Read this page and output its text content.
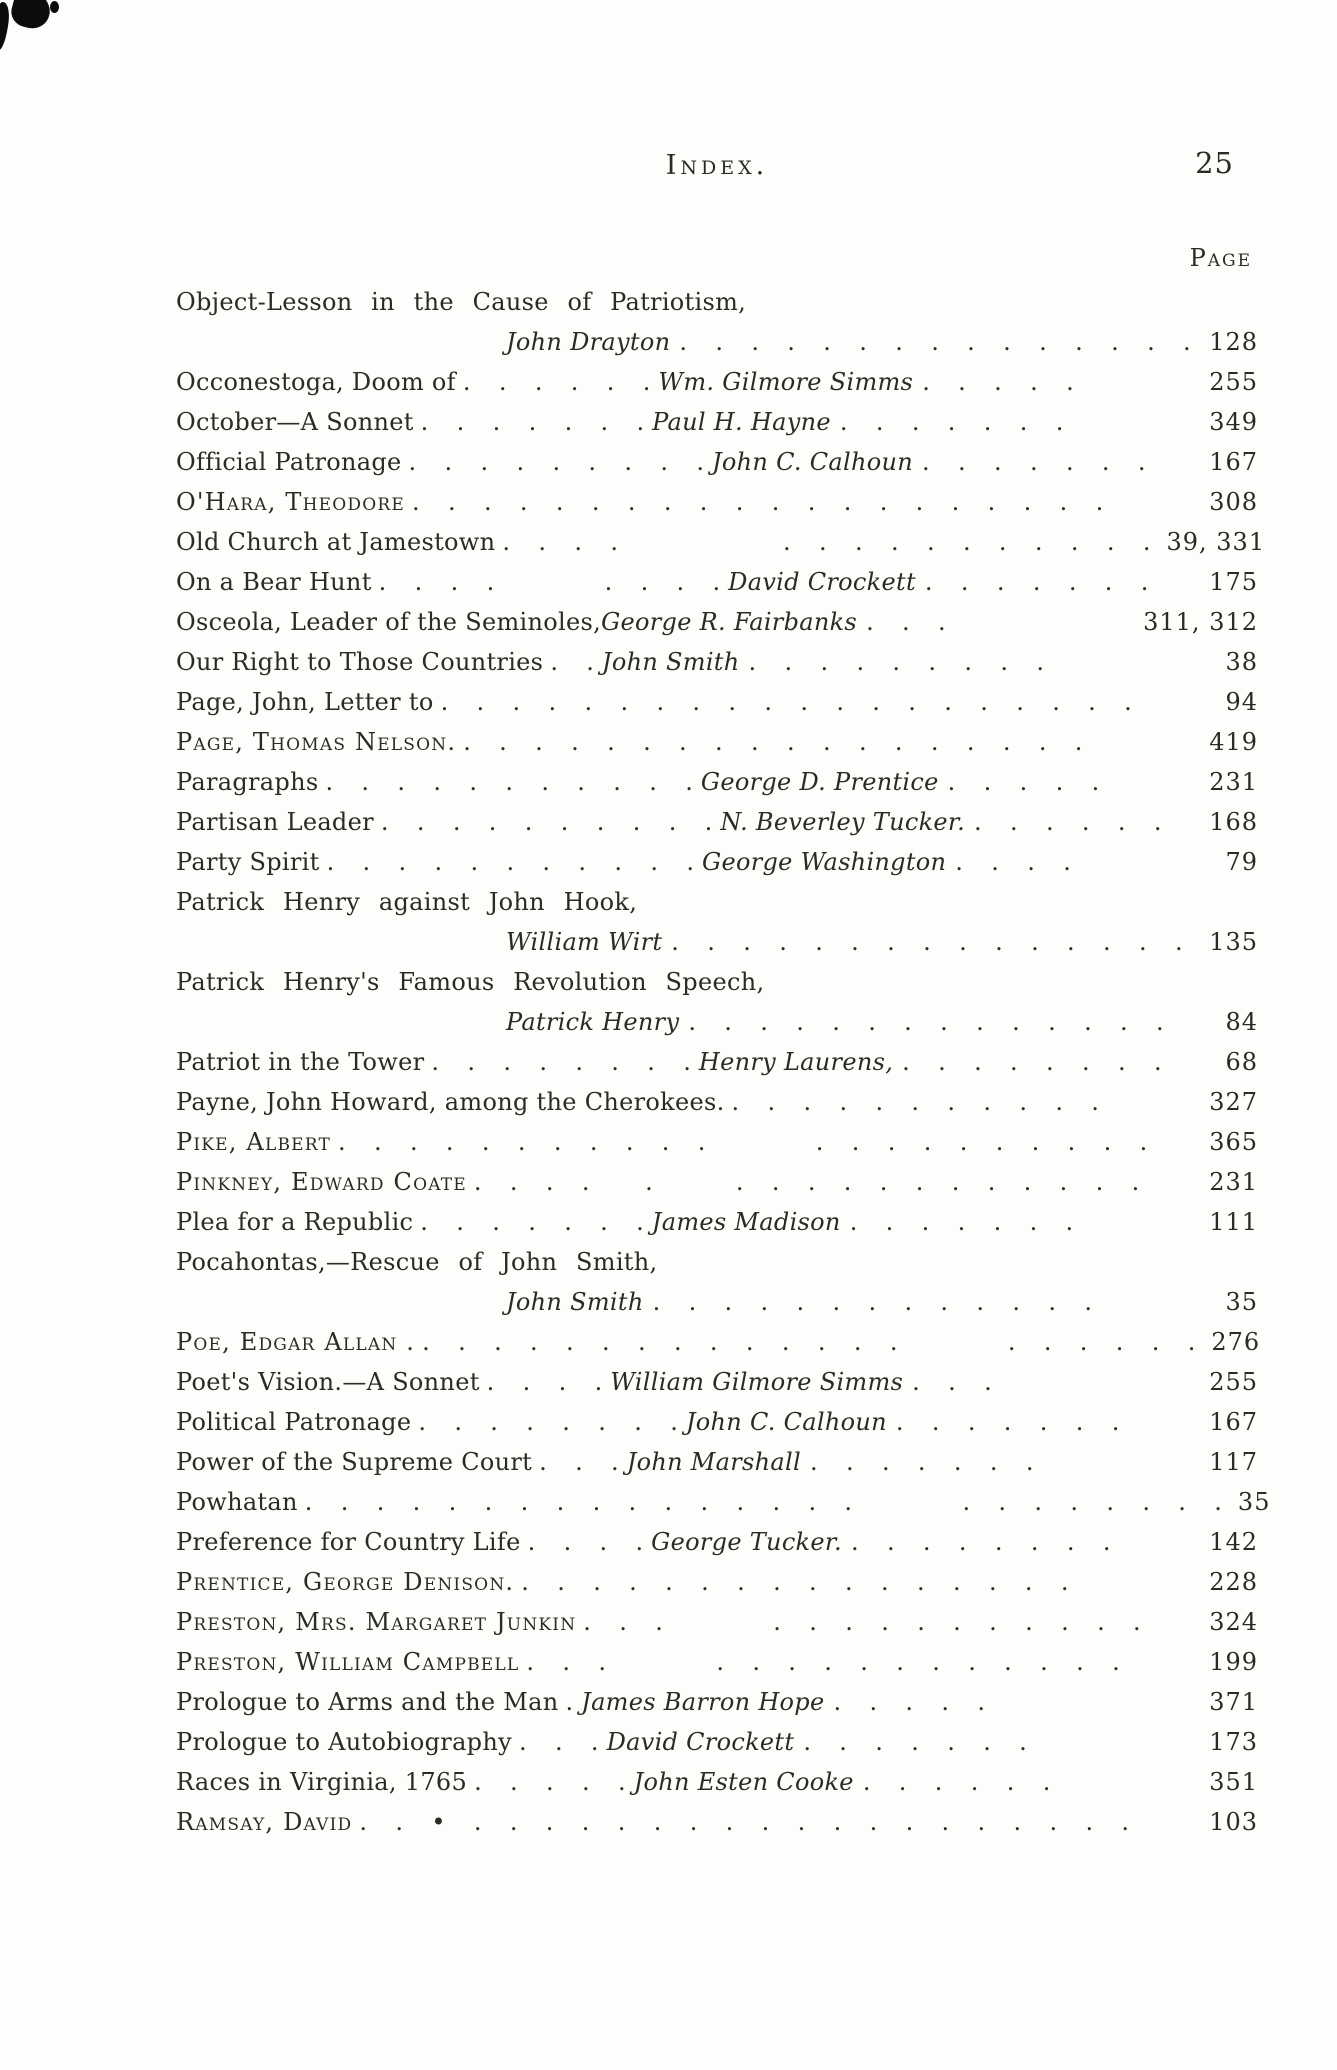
Index.	25
Page
Object-Lesson in the Cause of Patriotism,
John Drayton . . . . . . . . . . . . . . . 128
Occonestoga, Doom of . . . . . . Wm. Gilmore Simms . . . . .	255
October—A Sonnet . . . . . . . Paul H. Hayne . . . . . . .	349
Official Patronage . . . . . . . . . John C. Calhoun . . . . . . .	167
O'Hara, Theodore . . . . . . . . . . . . . . . . . . . .	308
Old Church at Jamestown . . . .      . . . . . . . . . . . 39, 331
On a Bear Hunt . . . .    . . . . David Crockett . . . . . . .	175
Osceola, Leader of the Seminoles, George R. Fairbanks . . .	311, 312
Our Right to Those Countries . . John Smith . . . . . . . . .	38
Page, John, Letter to . . . . . . . . . . . . . . . . . . . .	94
Page, Thomas Nelson. . . . . . . . . . . . . . . . . . .	419
Paragraphs . . . . . . . . . . . George D. Prentice . . . . .	231
Partisan Leader . . . . . . . . . . N. Beverley Tucker. . . . . . .	168
Party Spirit . . . . . . . . . . . George Washington . . . .	79
Patrick Henry against John Hook,
William Wirt . . . . . . . . . . . . . . .	135
Patrick Henry's Famous Revolution Speech,
Patrick Henry . . . . . . . . . . . . . .	84
Patriot in the Tower . . . . . . . . Henry Laurens, . . . . . . . .	68
Payne, John Howard, among the Cherokees. . . . . . . . . . . .	327
Pike, Albert . . . . . . . . . . .    . . . . . . . . . .	365
Pinkney, Edward Coate . . . .  .   . . . . . . . . . . . .	231
Plea for a Republic . . . . . . . James Madison . . . . . . .	111
Pocahontas,—Rescue of John Smith,
John Smith . . . . . . . . . . . . .	35
Poe, Edgar Allan . . . . . . . . . . . . . . .    . . . . . . 276
Poet's Vision.—A Sonnet . . . . William Gilmore Simms . . .	255
Political Patronage . . . . . . . . John C. Calhoun . . . . . . .	167
Power of the Supreme Court . . . John Marshall . . . . . . .	117
Powhatan . . . . . . . . . . . . . . . .    . . . . . . . . 35
Preference for Country Life . . . . George Tucker. . . . . . . . .	142
Prentice, George Denison. . . . . . . . . . . . . . . . .	228
Preston, Mrs. Margaret Junkin . . .    . . . . . . . . . . .	324
Preston, William Campbell . . .    . . . . . . . . . . . .	199
Prologue to Arms and the Man . James Barron Hope . . . . .	371
Prologue to Autobiography . . . David Crockett . . . . . . .	173
Races in Virginia, 1765 . . . . . John Esten Cooke . . . . . .	351
Ramsay, David . . • . . . . . . . . . . . . . . . . . . .	103
